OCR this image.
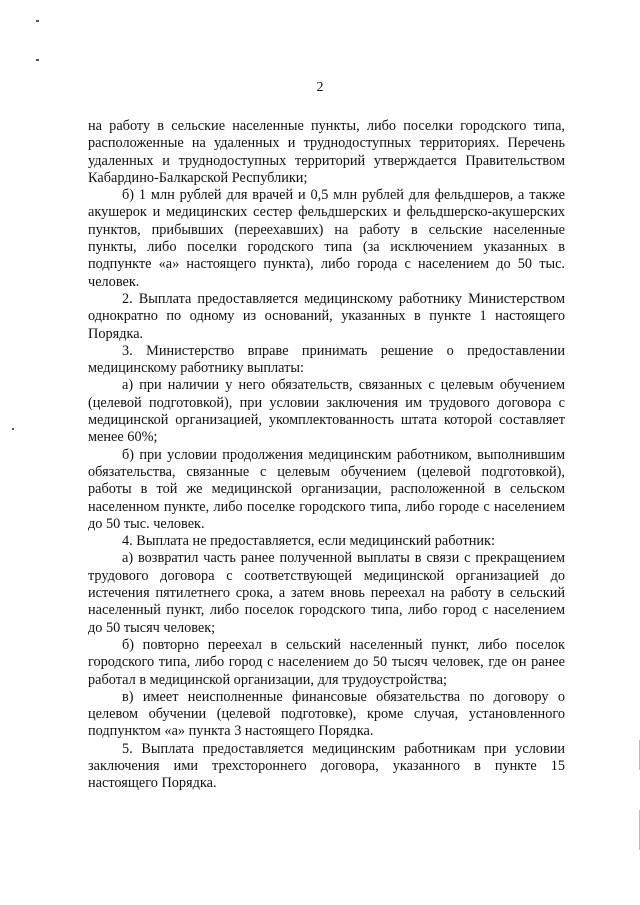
2

на работу в сельские населенные пункты, либо поселки городского типа, расположенные на удаленных и труднодоступных территориях. Перечень удаленных и труднодоступных территорий утверждается Правительством Кабардино-Балкарской Республики;

б) 1 млн рублей для врачей и 0,5 млн рублей для фельдшеров, а также акушерок и медицинских сестер фельдшерских и фельдшерско-акушерских пунктов, прибывших (переехавших) на работу в сельские населенные пункты, либо поселки городского типа (за исключением указанных в подпункте «а» настоящего пункта), либо города с населением до 50 тыс. человек.

2. Выплата предоставляется медицинскому работнику Министерством однократно по одному из оснований, указанных в пункте 1 настоящего Порядка.

3. Министерство вправе принимать решение о предоставлении медицинскому работнику выплаты:

а) при наличии у него обязательств, связанных с целевым обучением (целевой подготовкой), при условии заключения им трудового договора с медицинской организацией, укомплектованность штата которой составляет менее 60%;

б) при условии продолжения медицинским работником, выполнившим обязательства, связанные с целевым обучением (целевой подготовкой), работы в той же медицинской организации, расположенной в сельском населенном пункте, либо поселке городского типа, либо городе с населением до 50 тыс. человек.

4. Выплата не предоставляется, если медицинский работник:

а) возвратил часть ранее полученной выплаты в связи с прекращением трудового договора с соответствующей медицинской организацией до истечения пятилетнего срока, а затем вновь переехал на работу в сельский населенный пункт, либо поселок городского типа, либо город с населением до 50 тысяч человек;

б) повторно переехал в сельский населенный пункт, либо поселок городского типа, либо город с населением до 50 тысяч человек, где он ранее работал в медицинской организации, для трудоустройства;

в) имеет неисполненные финансовые обязательства по договору о целевом обучении (целевой подготовке), кроме случая, установленного подпунктом «а» пункта 3 настоящего Порядка.

5. Выплата предоставляется медицинским работникам при условии заключения ими трехстороннего договора, указанного в пункте 15 настоящего Порядка.
